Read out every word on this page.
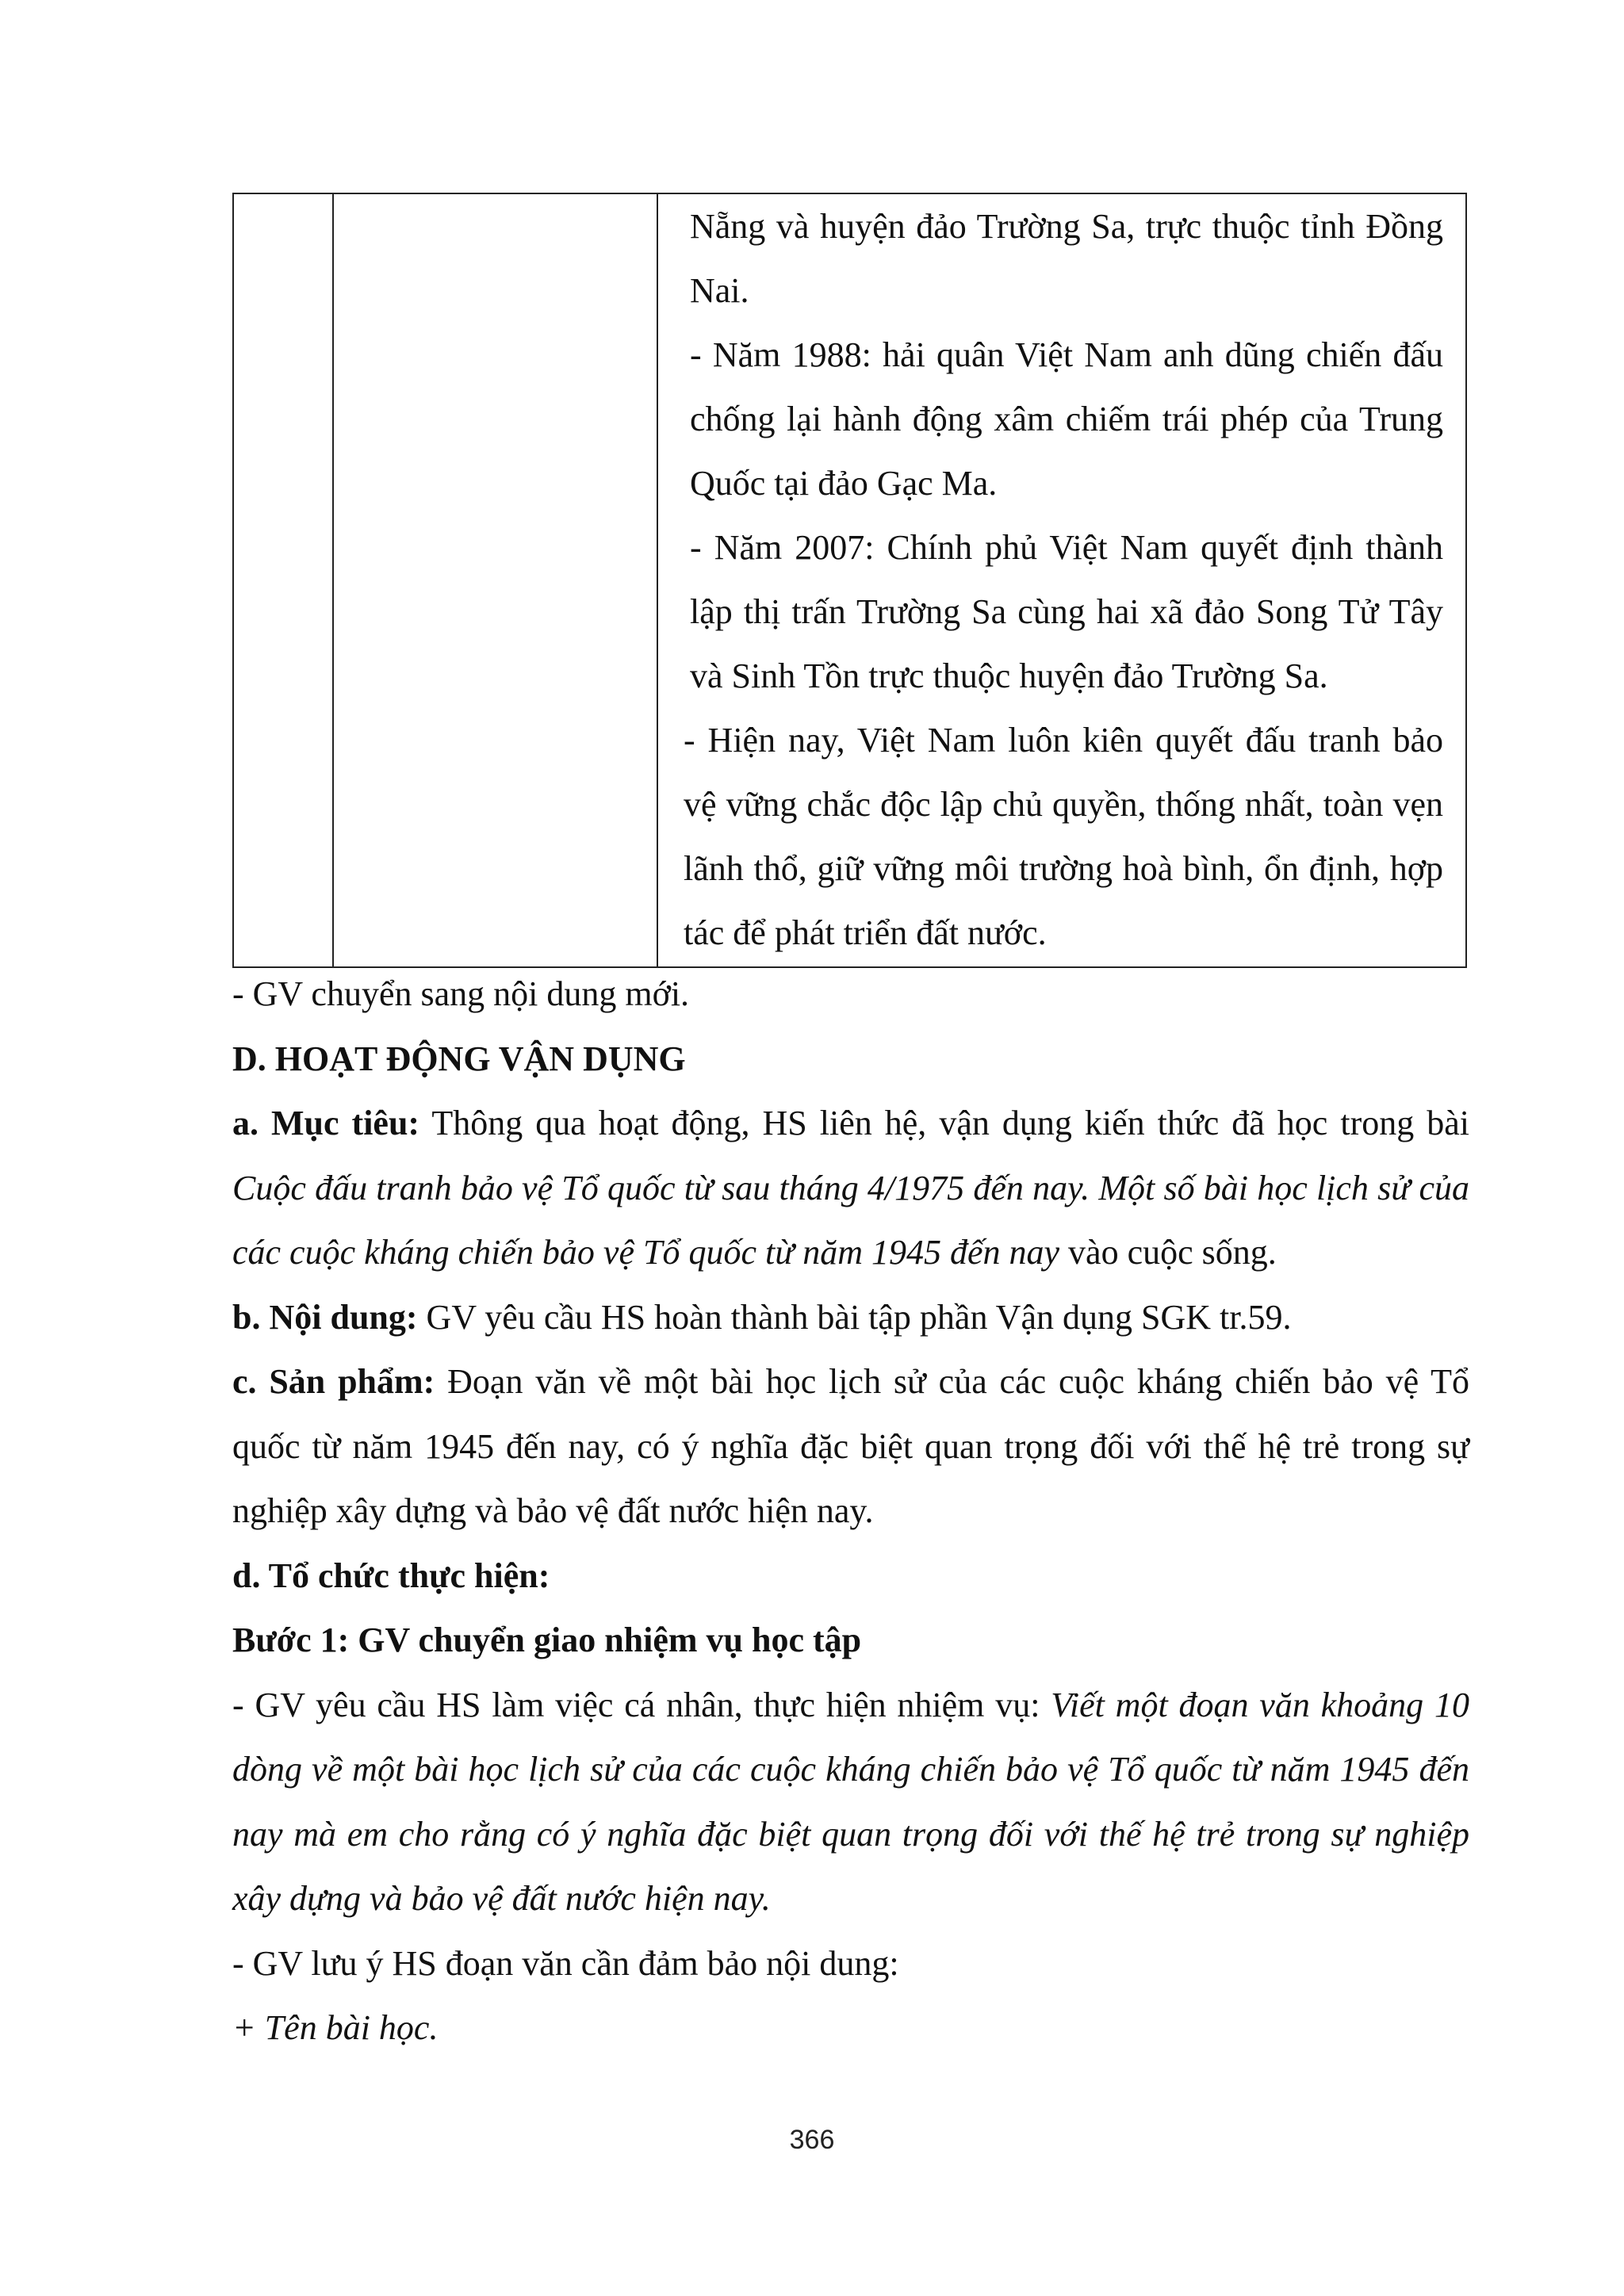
Nẵng và huyện đảo Trường Sa, trực thuộc tỉnh Đồng Nai.

- Năm 1988: hải quân Việt Nam anh dũng chiến đấu chống lại hành động xâm chiếm trái phép của Trung Quốc tại đảo Gạc Ma.

- Năm 2007: Chính phủ Việt Nam quyết định thành lập thị trấn Trường Sa cùng hai xã đảo Song Tử Tây và Sinh Tồn trực thuộc huyện đảo Trường Sa.

- Hiện nay, Việt Nam luôn kiên quyết đấu tranh bảo vệ vững chắc độc lập chủ quyền, thống nhất, toàn vẹn lãnh thổ, giữ vững môi trường hoà bình, ổn định, hợp tác để phát triển đất nước.

- GV chuyển sang nội dung mới.

D. HOẠT ĐỘNG VẬN DỤNG

a. Mục tiêu: Thông qua hoạt động, HS liên hệ, vận dụng kiến thức đã học trong bài Cuộc đấu tranh bảo vệ Tổ quốc từ sau tháng 4/1975 đến nay. Một số bài học lịch sử của các cuộc kháng chiến bảo vệ Tổ quốc từ năm 1945 đến nay vào cuộc sống.

b. Nội dung: GV yêu cầu HS hoàn thành bài tập phần Vận dụng SGK tr.59.

c. Sản phẩm: Đoạn văn về một bài học lịch sử của các cuộc kháng chiến bảo vệ Tổ quốc từ năm 1945 đến nay, có ý nghĩa đặc biệt quan trọng đối với thế hệ trẻ trong sự nghiệp xây dựng và bảo vệ đất nước hiện nay.

d. Tổ chức thực hiện:

Bước 1: GV chuyển giao nhiệm vụ học tập

- GV yêu cầu HS làm việc cá nhân, thực hiện nhiệm vụ: Viết một đoạn văn khoảng 10 dòng về một bài học lịch sử của các cuộc kháng chiến bảo vệ Tổ quốc từ năm 1945 đến nay mà em cho rằng có ý nghĩa đặc biệt quan trọng đối với thế hệ trẻ trong sự nghiệp xây dựng và bảo vệ đất nước hiện nay.

- GV lưu ý HS đoạn văn cần đảm bảo nội dung:

+ Tên bài học.

366
